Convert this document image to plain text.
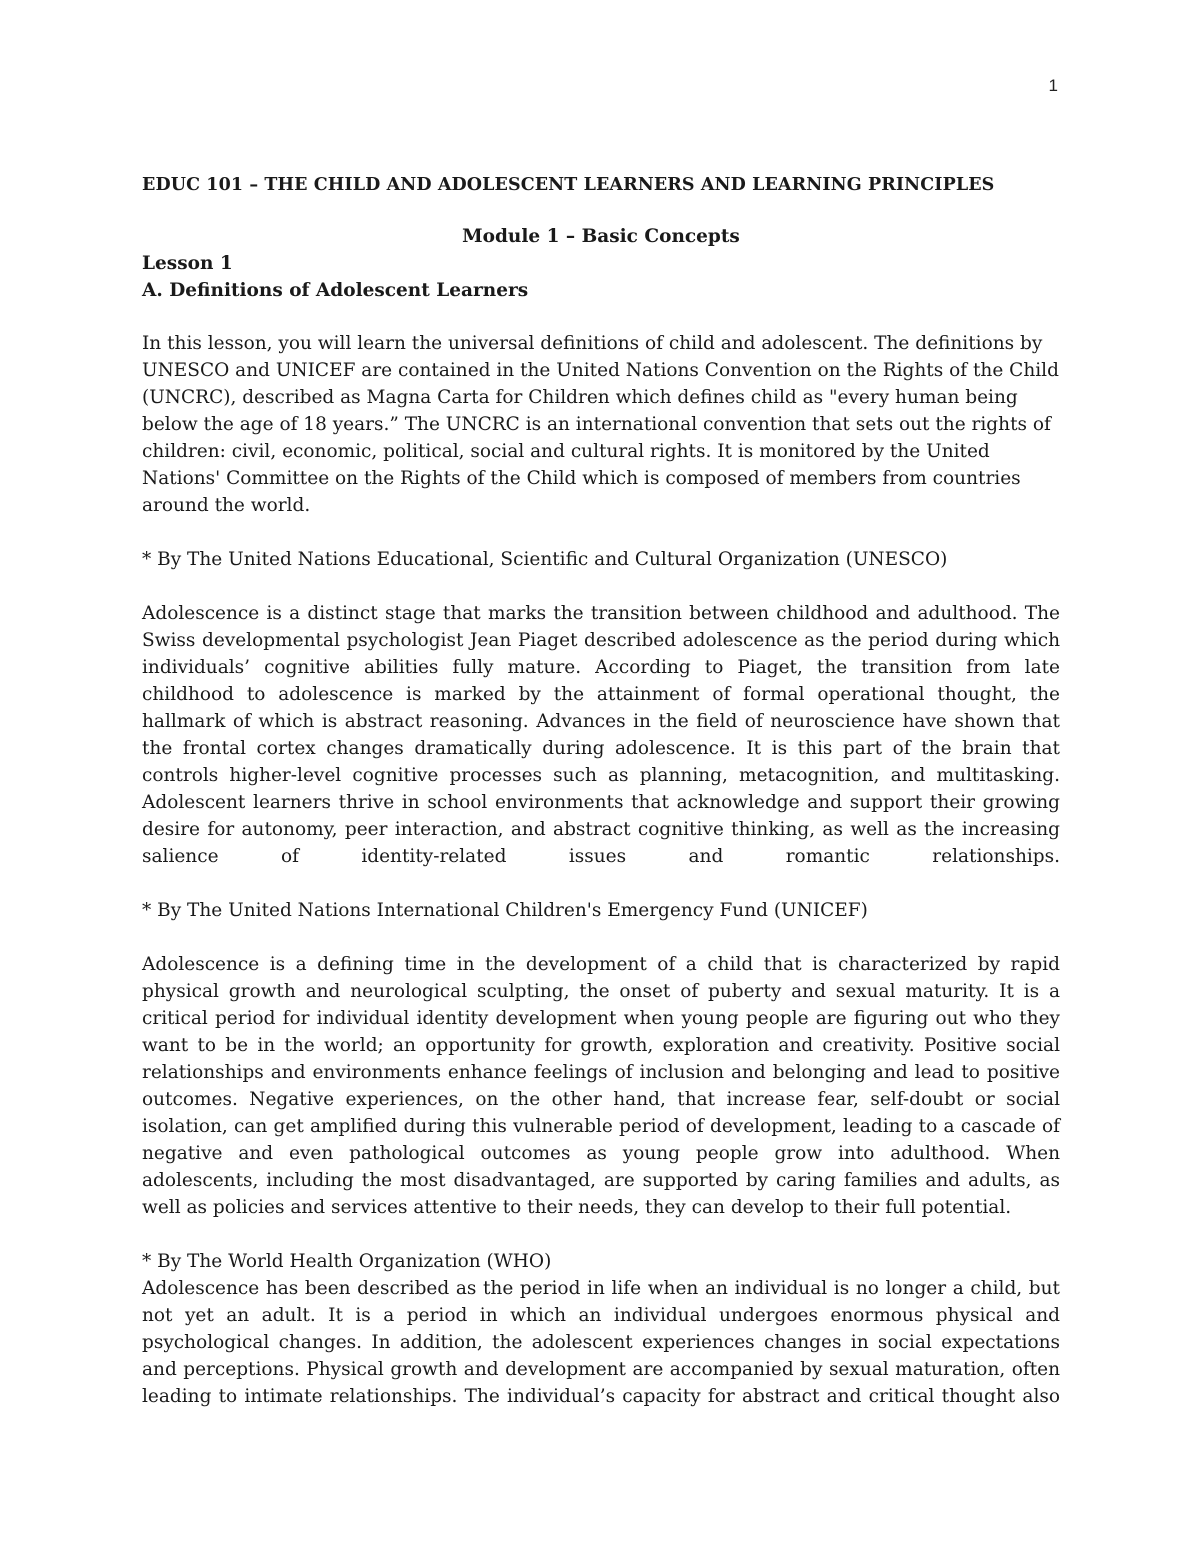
1
EDUC 101 – THE CHILD AND ADOLESCENT LEARNERS AND LEARNING PRINCIPLES
Module 1 – Basic Concepts
Lesson 1
A. Definitions of Adolescent Learners

In this lesson, you will learn the universal definitions of child and adolescent. The definitions by UNESCO and UNICEF are contained in the United Nations Convention on the Rights of the Child (UNCRC), described as Magna Carta for Children which defines child as "every human being below the age of 18 years.” The UNCRC is an international convention that sets out the rights of children: civil, economic, political, social and cultural rights. It is monitored by the United Nations' Committee on the Rights of the Child which is composed of members from countries around the world.

* By The United Nations Educational, Scientific and Cultural Organization (UNESCO)

Adolescence is a distinct stage that marks the transition between childhood and adulthood. The Swiss developmental psychologist Jean Piaget described adolescence as the period during which individuals’ cognitive abilities fully mature. According to Piaget, the transition from late childhood to adolescence is marked by the attainment of formal operational thought, the hallmark of which is abstract reasoning. Advances in the field of neuroscience have shown that the frontal cortex changes dramatically during adolescence. It is this part of the brain that controls higher-level cognitive processes such as planning, metacognition, and multitasking. Adolescent learners thrive in school environments that acknowledge and support their growing desire for autonomy, peer interaction, and abstract cognitive thinking, as well as the increasing salience of identity-related issues and romantic relationships.

* By The United Nations International Children's Emergency Fund (UNICEF)

Adolescence is a defining time in the development of a child that is characterized by rapid physical growth and neurological sculpting, the onset of puberty and sexual maturity. It is a critical period for individual identity development when young people are figuring out who they want to be in the world; an opportunity for growth, exploration and creativity. Positive social relationships and environments enhance feelings of inclusion and belonging and lead to positive outcomes. Negative experiences, on the other hand, that increase fear, self-doubt or social isolation, can get amplified during this vulnerable period of development, leading to a cascade of negative and even pathological outcomes as young people grow into adulthood. When adolescents, including the most disadvantaged, are supported by caring families and adults, as well as policies and services attentive to their needs, they can develop to their full potential.

* By The World Health Organization (WHO)

Adolescence has been described as the period in life when an individual is no longer a child, but not yet an adult. It is a period in which an individual undergoes enormous physical and psychological changes. In addition, the adolescent experiences changes in social expectations and perceptions. Physical growth and development are accompanied by sexual maturation, often leading to intimate relationships. The individual’s capacity for abstract and critical thought also
